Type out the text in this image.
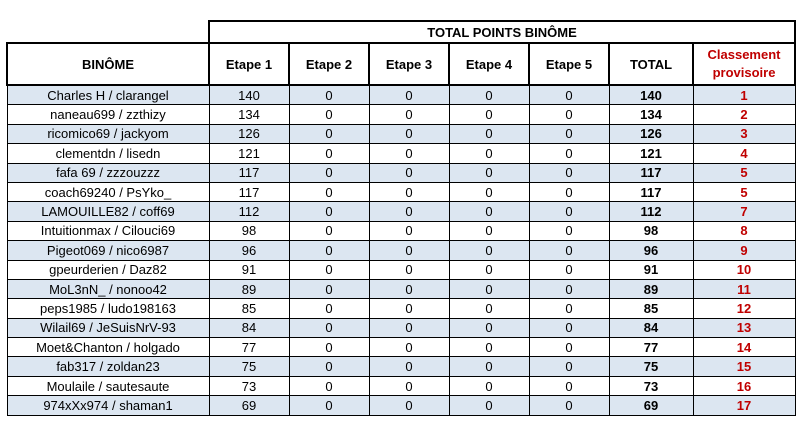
	TOTAL POINTS BINÔME						
BINÔME	Etape 1	Etape 2	Etape 3	Etape 4	Etape 5	TOTAL	Classement provisoire
Charles H / clarangel	140	0	0	0	0	140	1
naneau699 / zzthizy	134	0	0	0	0	134	2
ricomico69 / jackyom	126	0	0	0	0	126	3
clementdn / lisedn	121	0	0	0	0	121	4
fafa 69 / zzzouzzz	117	0	0	0	0	117	5
coach69240 / PsYko_	117	0	0	0	0	117	5
LAMOUILLE82 / coff69	112	0	0	0	0	112	7
Intuitionmax / Cilouci69	98	0	0	0	0	98	8
Pigeot069 / nico6987	96	0	0	0	0	96	9
gpeurderien / Daz82	91	0	0	0	0	91	10
MoL3nN_ / nonoo42	89	0	0	0	0	89	11
peps1985 / ludo198163	85	0	0	0	0	85	12
Wilail69 / JeSuisNrV-93	84	0	0	0	0	84	13
Moet&Chanton / holgado	77	0	0	0	0	77	14
fab317 / zoldan23	75	0	0	0	0	75	15
Moulaile / sautesaute	73	0	0	0	0	73	16
974xXx974 / shaman1	69	0	0	0	0	69	17
